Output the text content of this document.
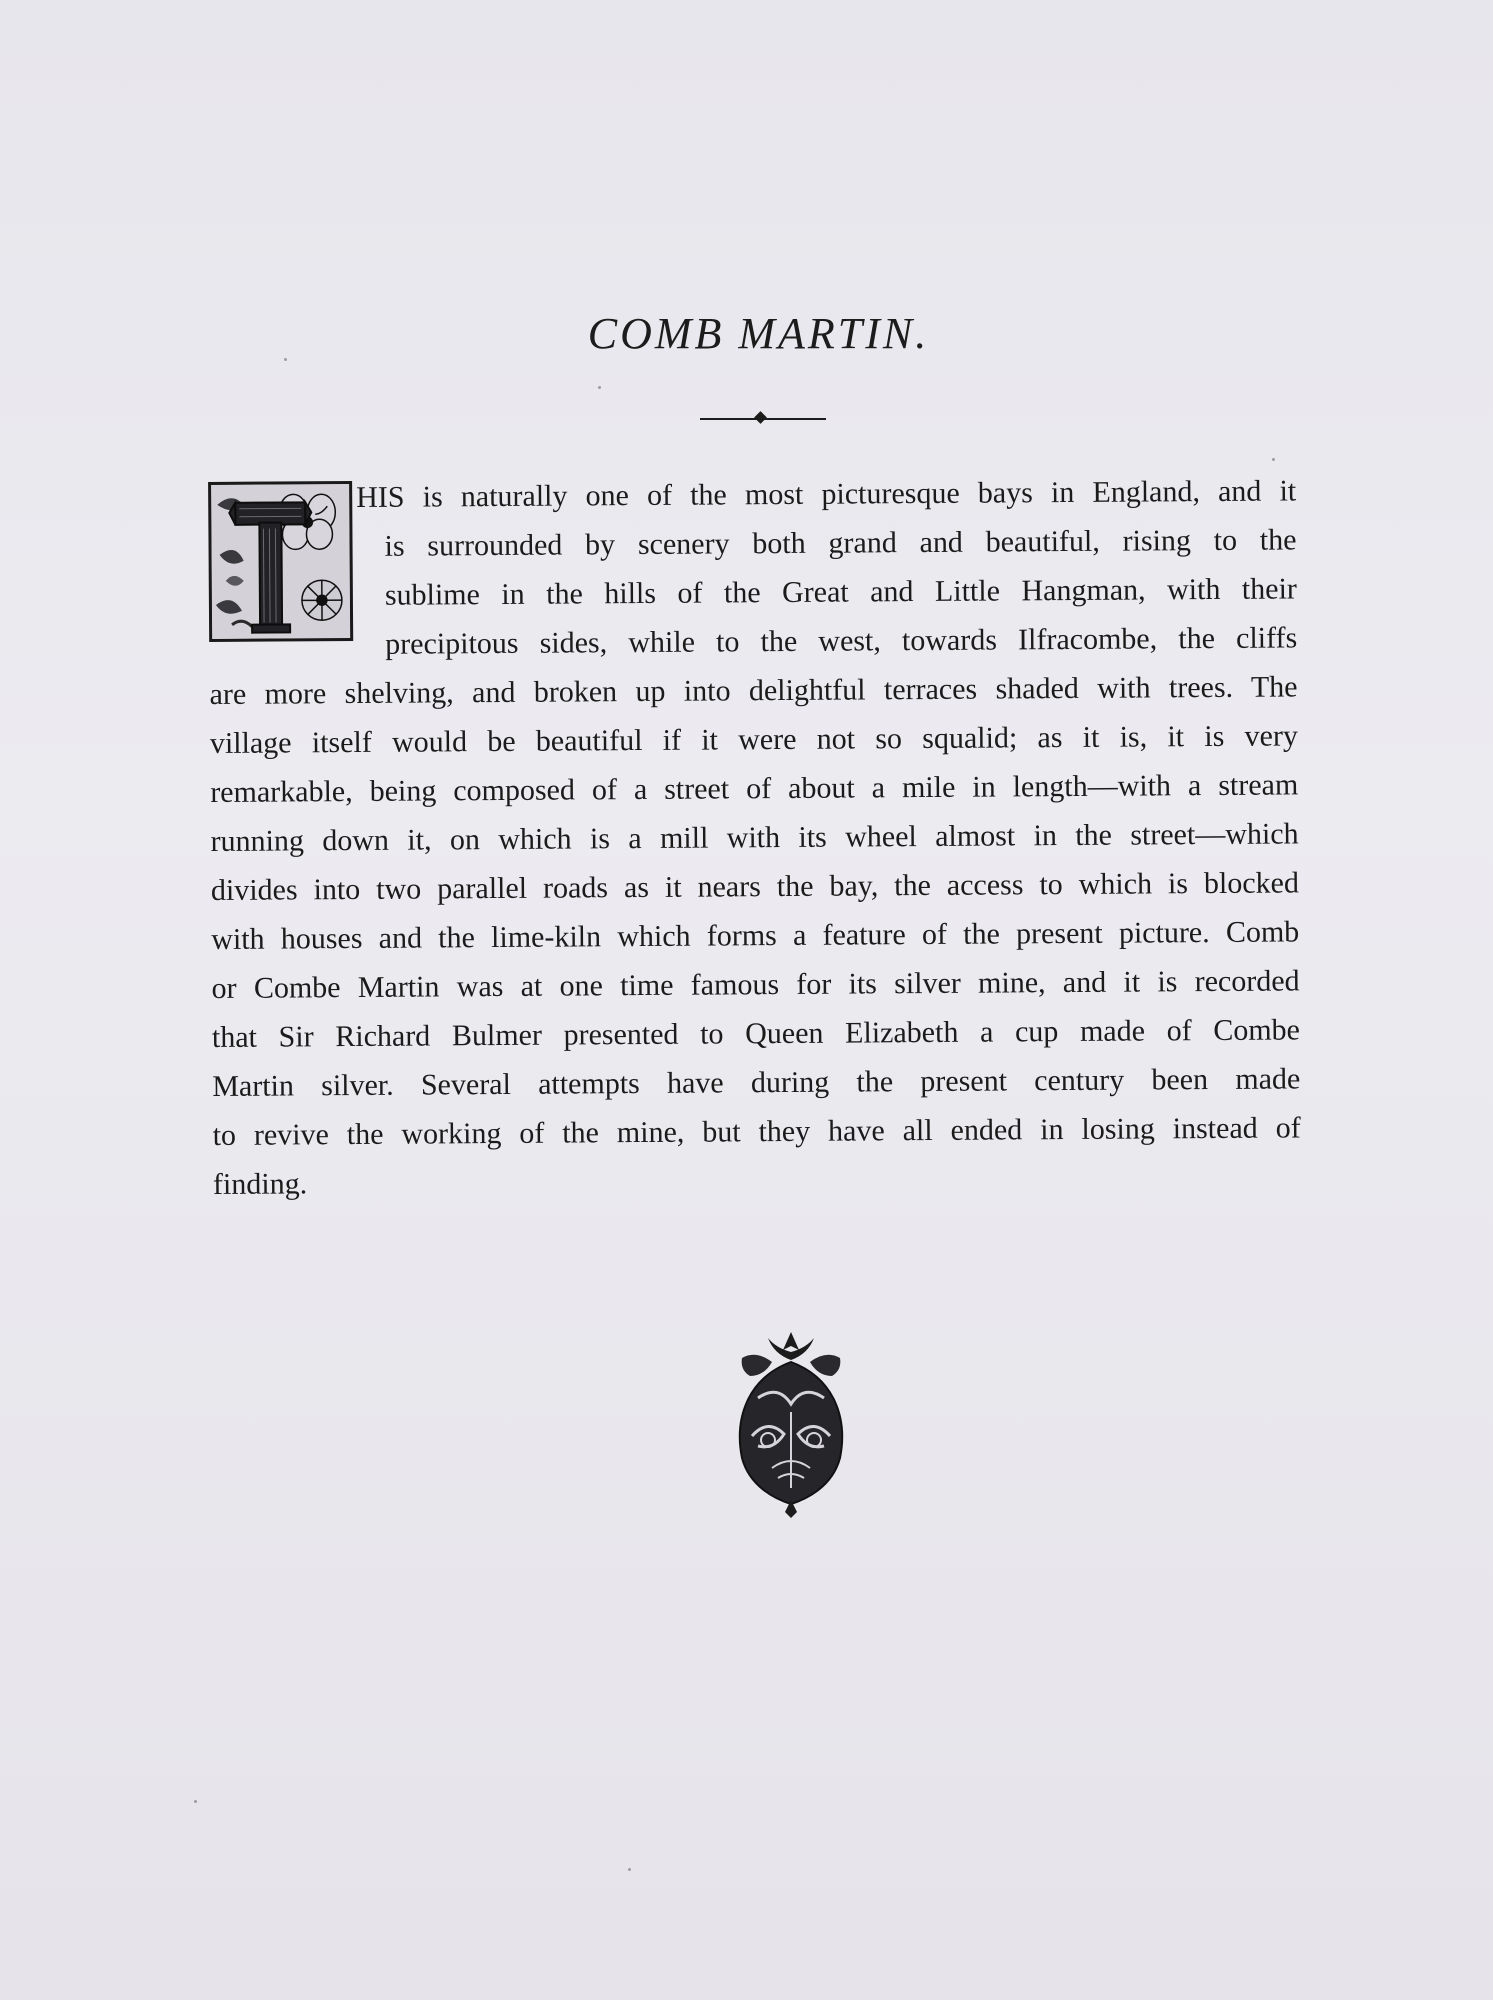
COMB MARTIN.
HIS is naturally one of the most picturesque bays in England, and it
is surrounded by scenery both grand and beautiful, rising to the
sublime in the hills of the Great and Little Hangman, with their
precipitous sides, while to the west, towards Ilfracombe, the cliffs
are more shelving, and broken up into delightful terraces shaded with trees. The
village itself would be beautiful if it were not so squalid; as it is, it is very
remarkable, being composed of a street of about a mile in length—with a stream
running down it, on which is a mill with its wheel almost in the street—which
divides into two parallel roads as it nears the bay, the access to which is blocked
with houses and the lime-kiln which forms a feature of the present picture. Comb
or Combe Martin was at one time famous for its silver mine, and it is recorded
that Sir Richard Bulmer presented to Queen Elizabeth a cup made of Combe
Martin silver. Several attempts have during the present century been made
to revive the working of the mine, but they have all ended in losing instead of
finding.
